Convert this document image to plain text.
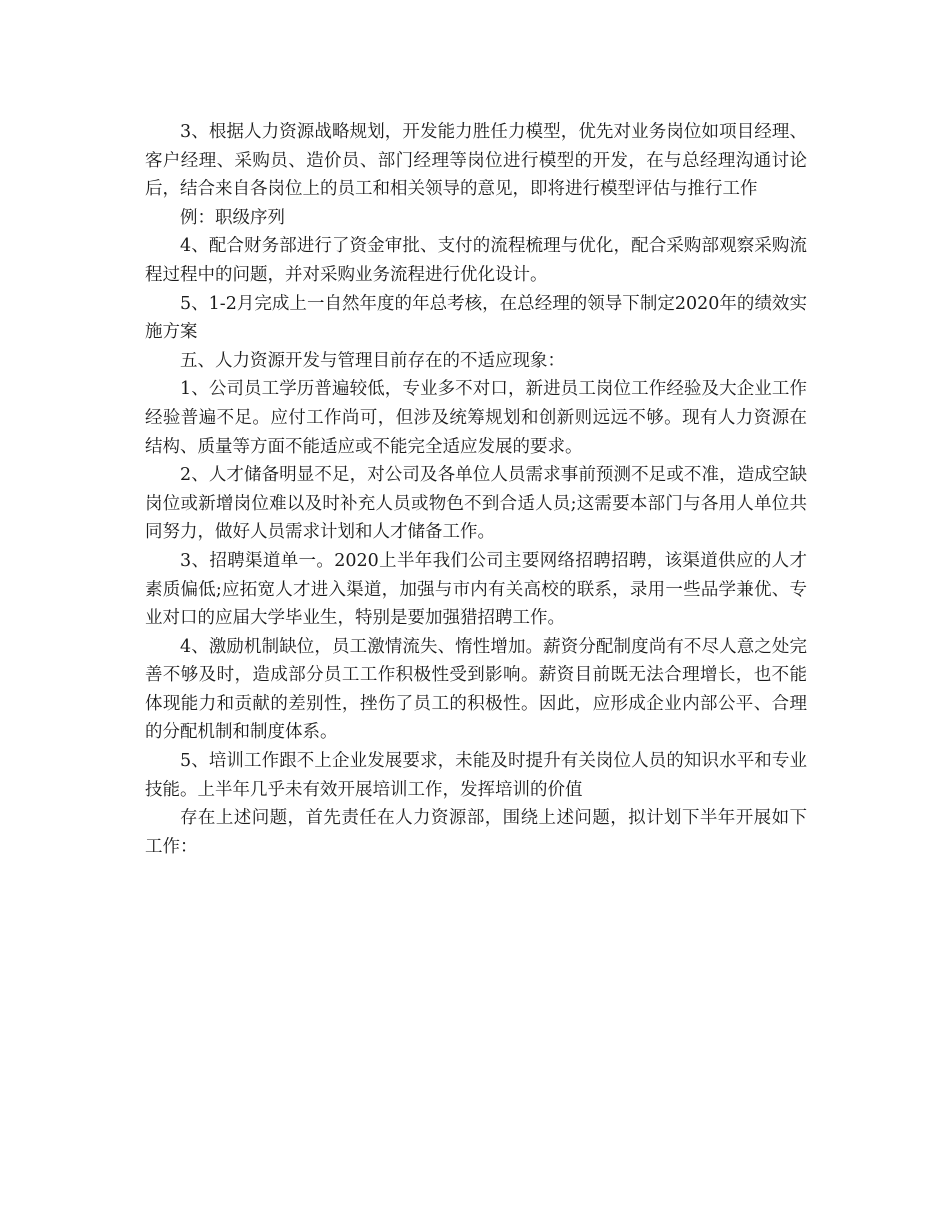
3、根据人力资源战略规划，开发能力胜任力模型，优先对业务岗位如项目经理、客户经理、采购员、造价员、部门经理等岗位进行模型的开发，在与总经理沟通讨论后，结合来自各岗位上的员工和相关领导的意见，即将进行模型评估与推行工作

例：职级序列

4、配合财务部进行了资金审批、支付的流程梳理与优化，配合采购部观察采购流程过程中的问题，并对采购业务流程进行优化设计。

5、1-2月完成上一自然年度的年总考核，在总经理的领导下制定2020年的绩效实施方案

五、人力资源开发与管理目前存在的不适应现象：

1、公司员工学历普遍较低，专业多不对口，新进员工岗位工作经验及大企业工作经验普遍不足。应付工作尚可，但涉及统筹规划和创新则远远不够。现有人力资源在结构、质量等方面不能适应或不能完全适应发展的要求。

2、人才储备明显不足，对公司及各单位人员需求事前预测不足或不准，造成空缺岗位或新增岗位难以及时补充人员或物色不到合适人员;这需要本部门与各用人单位共同努力，做好人员需求计划和人才储备工作。

3、招聘渠道单一。2020上半年我们公司主要网络招聘招聘，该渠道供应的人才素质偏低;应拓宽人才进入渠道，加强与市内有关高校的联系，录用一些品学兼优、专业对口的应届大学毕业生，特别是要加强猎招聘工作。

4、激励机制缺位，员工激情流失、惰性增加。薪资分配制度尚有不尽人意之处完善不够及时，造成部分员工工作积极性受到影响。薪资目前既无法合理增长，也不能体现能力和贡献的差别性，挫伤了员工的积极性。因此，应形成企业内部公平、合理的分配机制和制度体系。

5、培训工作跟不上企业发展要求，未能及时提升有关岗位人员的知识水平和专业技能。上半年几乎未有效开展培训工作，发挥培训的价值

存在上述问题，首先责任在人力资源部，围绕上述问题，拟计划下半年开展如下工作：
